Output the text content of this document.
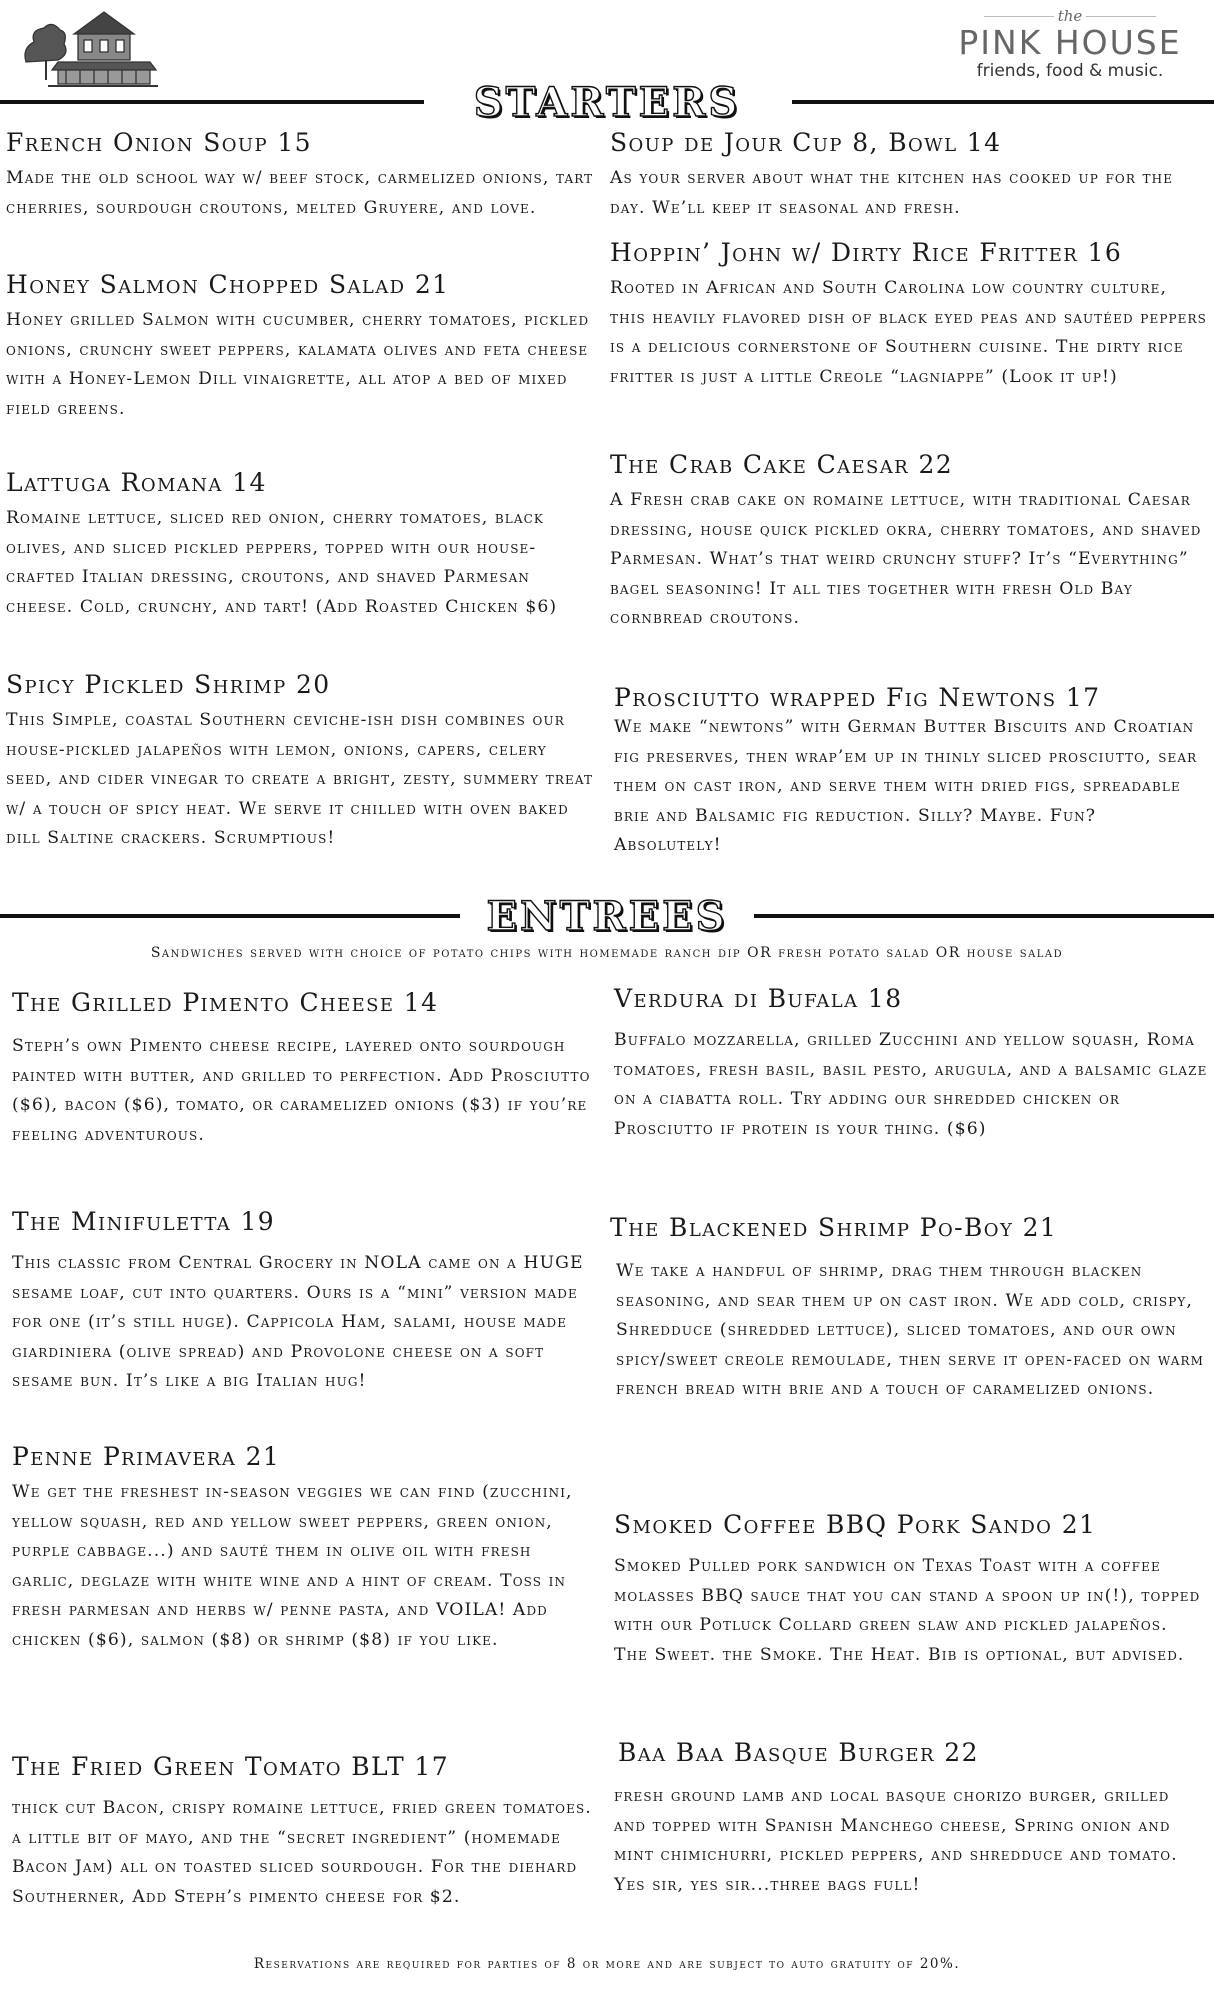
the
PINK HOUSE
friends, food & music.
STARTERS
French Onion Soup 15
Made the old school way w/ beef stock, carmelized onions, tart cherries, sourdough croutons, melted Gruyere, and love.
Honey Salmon Chopped Salad 21
Honey grilled Salmon with cucumber, cherry tomatoes, pickled onions, crunchy sweet peppers, kalamata olives and feta cheese with a Honey-Lemon Dill vinaigrette, all atop a bed of mixed field greens.
Lattuga Romana 14
Romaine lettuce, sliced red onion, cherry tomatoes, black olives, and sliced pickled peppers, topped with our house-crafted Italian dressing, croutons, and shaved Parmesan cheese. Cold, crunchy, and tart! (Add Roasted Chicken $6)
Spicy Pickled Shrimp 20
This Simple, coastal Southern ceviche-ish dish combines our house-pickled jalapeños with lemon, onions, capers, celery seed, and cider vinegar to create a bright, zesty, summery treat w/ a touch of spicy heat. We serve it chilled with oven baked dill Saltine crackers. Scrumptious!
Soup de Jour Cup 8, Bowl 14
As your server about what the kitchen has cooked up for the day. We’ll keep it seasonal and fresh.
Hoppin’ John w/ Dirty Rice Fritter 16
Rooted in African and South Carolina low country culture, this heavily flavored dish of black eyed peas and sautéed peppers is a delicious cornerstone of Southern cuisine. The dirty rice fritter is just a little Creole “lagniappe” (Look it up!)
The Crab Cake Caesar 22
A Fresh crab cake on romaine lettuce, with traditional Caesar dressing, house quick pickled okra, cherry tomatoes, and shaved Parmesan. What’s that weird crunchy stuff? It’s “Everything” bagel seasoning! It all ties together with fresh Old Bay cornbread croutons.
Prosciutto wrapped Fig Newtons 17
We make “newtons” with German Butter Biscuits and Croatian fig preserves, then wrap’em up in thinly sliced prosciutto, sear them on cast iron, and serve them with dried figs, spreadable brie and Balsamic fig reduction. Silly? Maybe. Fun? Absolutely!
ENTREES
Sandwiches served with choice of potato chips with homemade ranch dip OR fresh potato salad OR house salad
The Grilled Pimento Cheese 14
Steph’s own Pimento cheese recipe, layered onto sourdough painted with butter, and grilled to perfection. Add Prosciutto ($6), bacon ($6), tomato, or caramelized onions ($3) if you’re feeling adventurous.
The Minifuletta 19
This classic from Central Grocery in NOLA came on a HUGE sesame loaf, cut into quarters. Ours is a “mini” version made for one (it’s still huge). Cappicola Ham, salami, house made giardiniera (olive spread) and Provolone cheese on a soft sesame bun. It’s like a big Italian hug!
Penne Primavera 21
We get the freshest in-season veggies we can find (zucchini, yellow squash, red and yellow sweet peppers, green onion, purple cabbage...) and sauté them in olive oil with fresh garlic, deglaze with white wine and a hint of cream. Toss in fresh parmesan and herbs w/ penne pasta, and VOILA! Add chicken ($6), salmon ($8) or shrimp ($8) if you like.
The Fried Green Tomato BLT 17
thick cut Bacon, crispy romaine lettuce, fried green tomatoes. a little bit of mayo, and the “secret ingredient” (homemade Bacon Jam) all on toasted sliced sourdough. For the diehard Southerner, Add Steph’s pimento cheese for $2.
Verdura di Bufala 18
Buffalo mozzarella, grilled Zucchini and yellow squash, Roma tomatoes, fresh basil, basil pesto, arugula, and a balsamic glaze on a ciabatta roll. Try adding our shredded chicken or Prosciutto if protein is your thing. ($6)
The Blackened Shrimp Po-Boy 21
We take a handful of shrimp, drag them through blacken seasoning, and sear them up on cast iron. We add cold, crispy, Shredduce (shredded lettuce), sliced tomatoes, and our own spicy/sweet creole remoulade, then serve it open-faced on warm french bread with brie and a touch of caramelized onions.
Smoked Coffee BBQ Pork Sando 21
Smoked Pulled pork sandwich on Texas Toast with a coffee molasses BBQ sauce that you can stand a spoon up in(!), topped with our Potluck Collard green slaw and pickled jalapeños. The Sweet. the Smoke. The Heat. Bib is optional, but advised.
Baa Baa Basque Burger 22
fresh ground lamb and local basque chorizo burger, grilled and topped with Spanish Manchego cheese, Spring onion and mint chimichurri, pickled peppers, and shredduce and tomato. Yes sir, yes sir...three bags full!
Reservations are required for parties of 8 or more and are subject to auto gratuity of 20%.
